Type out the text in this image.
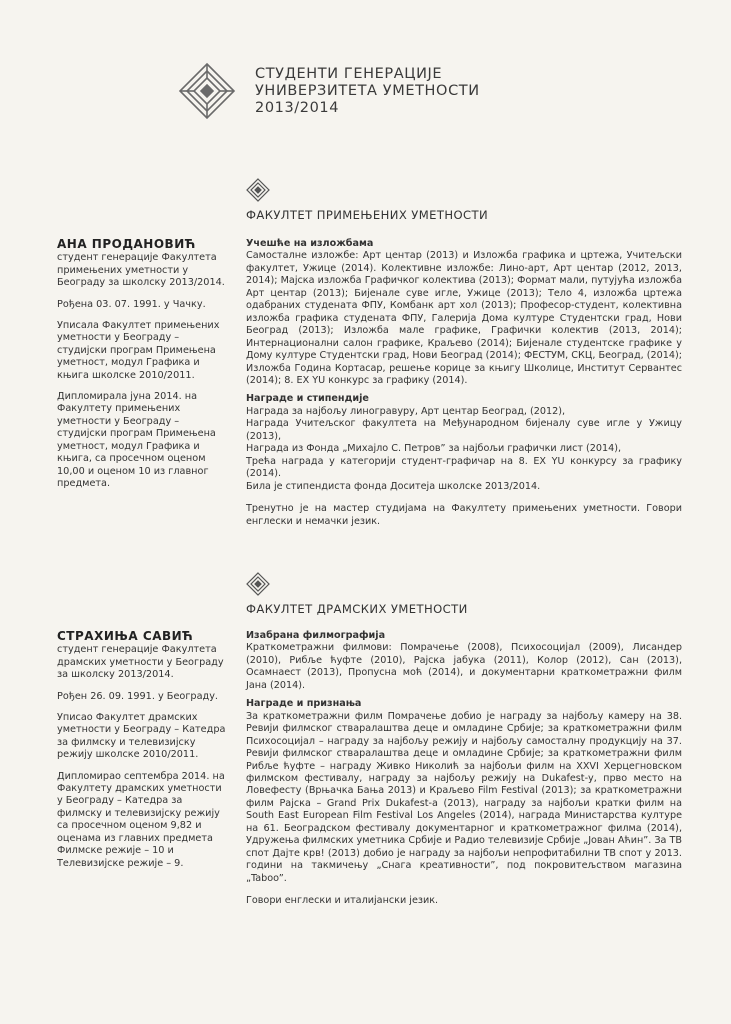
СТУДЕНТИ ГЕНЕРАЦИЈЕ
УНИВЕРЗИТЕТА УМЕТНОСТИ
2013/2014
ФАКУЛТЕТ ПРИМЕЊЕНИХ УМЕТНОСТИ
АНА ПРОДАНОВИЋ

студент генерације Факултета примењених уметности у Београду за школску 2013/2014.

Рођена 03. 07. 1991. у Чачку.

Уписала Факултет примењених уметности у Београду – студијски програм Примењена уметност, модул Графика и књига школске 2010/2011.

Дипломирала јуна 2014. на Факултету примењених уметности у Београду – студијски програм Примењена уметност, модул Графика и књига, са просечном оценом 10,00 и оценом 10 из главног предмета.

Учешће на изложбама

Самосталне изложбе: Арт центар (2013) и Изложба графика и цртежа, Учитељски факултет, Ужице (2014). Колективне изложбе: Лино-арт, Арт центар (2012, 2013, 2014); Мајска изложба Графичког колектива (2013); Формат мали, путујућа изложба Арт центар (2013); Бијенале суве игле, Ужице (2013); Тело 4, изложба цртежа одабраних студената ФПУ, Комбанк арт хол (2013); Професор-студент, колективна изложба графика студената ФПУ, Галерија Дома културе Студентски град, Нови Београд (2013); Изложба мале графике, Графички колектив (2013, 2014); Интернационални салон графике, Краљево (2014); Бијенале студентске графике у Дому културе Студентски град, Нови Београд (2014); ФЕСТУМ, СКЦ, Београд, (2014); Изложба Година Кортасар, решење корице за књигу Школице, Институт Сервантес (2014); 8. EX YU конкурс за графику (2014).

Награде и стипендије

Награда за најбољу линогравуру, Арт центар Београд, (2012),

Награда Учитељског факултета на Међународном бијеналу суве игле у Ужицу (2013),

Награда из Фонда „Михајло С. Петров” за најбољи графички лист (2014),

Трећа награда у категорији студент-графичар на 8. EX YU конкурсу за графику (2014).

Била је стипендиста фонда Доситеја школске 2013/2014.

Тренутно је на мастер студијама на Факултету примењених уметности. Говори енглески и немачки језик.

ФАКУЛТЕТ ДРАМСКИХ УМЕТНОСТИ
СТРАХИЊА САВИЋ

студент генерације Факултета драмских уметности у Београду за школску 2013/2014.

Рођен 26. 09. 1991. у Београду.

Уписао Факултет драмских уметности у Београду – Катедра за филмску и телевизијску режију школске 2010/2011.

Дипломирао септембра 2014. на Факултету драмских уметности у Београду – Катедра за филмску и телевизијску режију са просечном оценом 9,82 и оценама из главних предмета Филмске режије – 10 и Телевизијске режије – 9.

Изабрана филмографија

Краткометражни филмови: Помрачење (2008), Психосоцијал (2009), Лисандер (2010), Рибље ћуфте (2010), Рајска јабука (2011), Колор (2012), Сан (2013), Осамнаест (2013), Пропусна моћ (2014), и документарни краткометражни филм Јана (2014).

Награде и признања

За краткометражни филм Помрачење добио је награду за најбољу камеру на 38. Ревији филмског стваралаштва деце и омладине Србије; за краткометражни филм Психосоцијал – награду за најбољу режију и најбољу самосталну продукцију на 37. Ревији филмског стваралаштва деце и омладине Србије; за краткометражни филм Рибље ћуфте – награду Живко Николић за најбољи филм на XXVI Херцегновском филмском фестивалу, награду за најбољу режију на Dukafest-у, прво место на Ловефесту (Врњачка Бања 2013) и Краљево Film Festival (2013); за краткометражни филм Рајска – Grand Prix Dukafest-а (2013), награду за најбољи кратки филм на South East European Film Festival Los Angeles (2014), награда Министарства културе на 61. Београдском фестивалу документарног и краткометражног филма (2014), Удружења филмских уметника Србије и Радио телевизије Србије „Јован Аћин”. За ТВ спот Дајте крв! (2013) добио је награду за најбољи непрофитабилни ТВ спот у 2013. години на такмичењу „Снага креативности”, под покровитељством магазина „Taboo”.

Говори енглески и италијански језик.
